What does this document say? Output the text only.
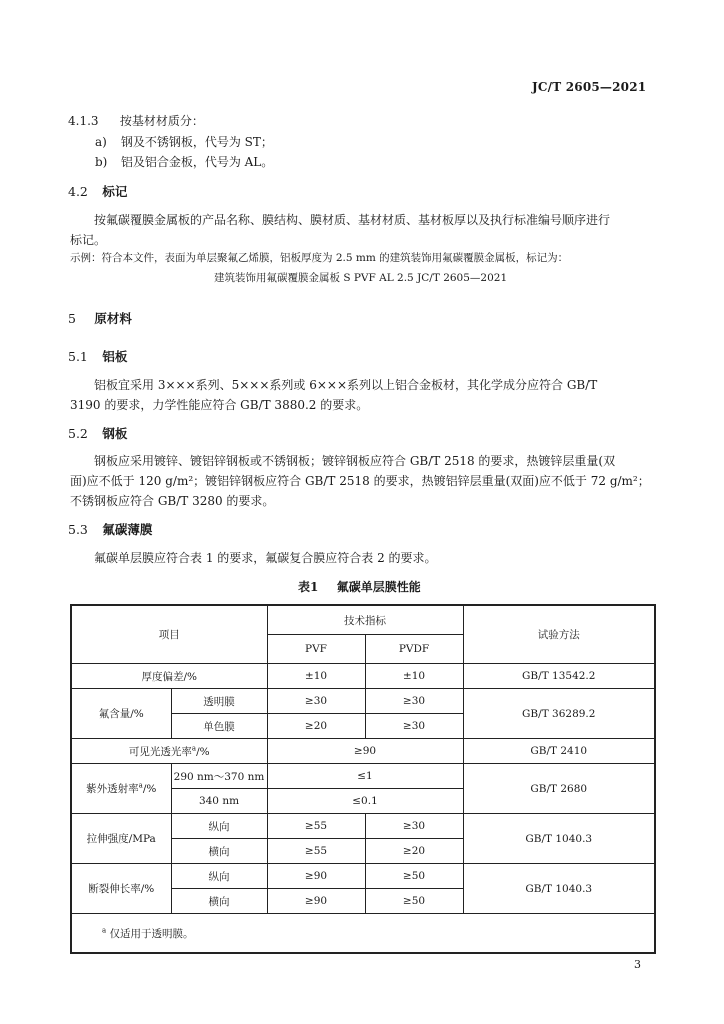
JC/T 2605—2021
4.1.3 按基材材质分：
a) 钢及不锈钢板，代号为 ST；
b) 铝及铝合金板，代号为 AL。
4.2 标记
按氟碳覆膜金属板的产品名称、膜结构、膜材质、基材材质、基材板厚以及执行标准编号顺序进行
标记。
示例：符合本文件，表面为单层聚氟乙烯膜，铝板厚度为 2.5 mm 的建筑装饰用氟碳覆膜金属板，标记为：
建筑装饰用氟碳覆膜金属板 S PVF AL 2.5 JC/T 2605—2021
5 原材料
5.1 铝板
铝板宜采用 3×××系列、5×××系列或 6×××系列以上铝合金板材，其化学成分应符合 GB/T
3190 的要求，力学性能应符合 GB/T 3880.2 的要求。
5.2 钢板
钢板应采用镀锌、镀铝锌钢板或不锈钢板；镀锌钢板应符合 GB/T 2518 的要求，热镀锌层重量(双
面)应不低于 120 g/m²；镀铝锌钢板应符合 GB/T 2518 的要求，热镀铝锌层重量(双面)应不低于 72 g/m²；
不锈钢板应符合 GB/T 3280 的要求。
5.3 氟碳薄膜
氟碳单层膜应符合表 1 的要求，氟碳复合膜应符合表 2 的要求。
表1 氟碳单层膜性能
项目		技术指标		试验方法
		PVF	PVDF	
厚度偏差/%		±10	±10	GB/T 13542.2
氟含量/%	透明膜	≥30	≥30	GB/T 36289.2
	单色膜	≥20	≥30	
可见光透光率$^a$/%		≥90		GB/T 2410
紫外透射率$^a$/%	290 nm～370 nm	≤1		GB/T 2680
	340 nm	≤0.1		
拉伸强度/MPa	纵向	≥55	≥30	GB/T 1040.3
	横向	≥55	≥20	
断裂伸长率/%	纵向	≥90	≥50	GB/T 1040.3
	横向	≥90	≥50	
$^a$ 仅适用于透明膜。				
3
